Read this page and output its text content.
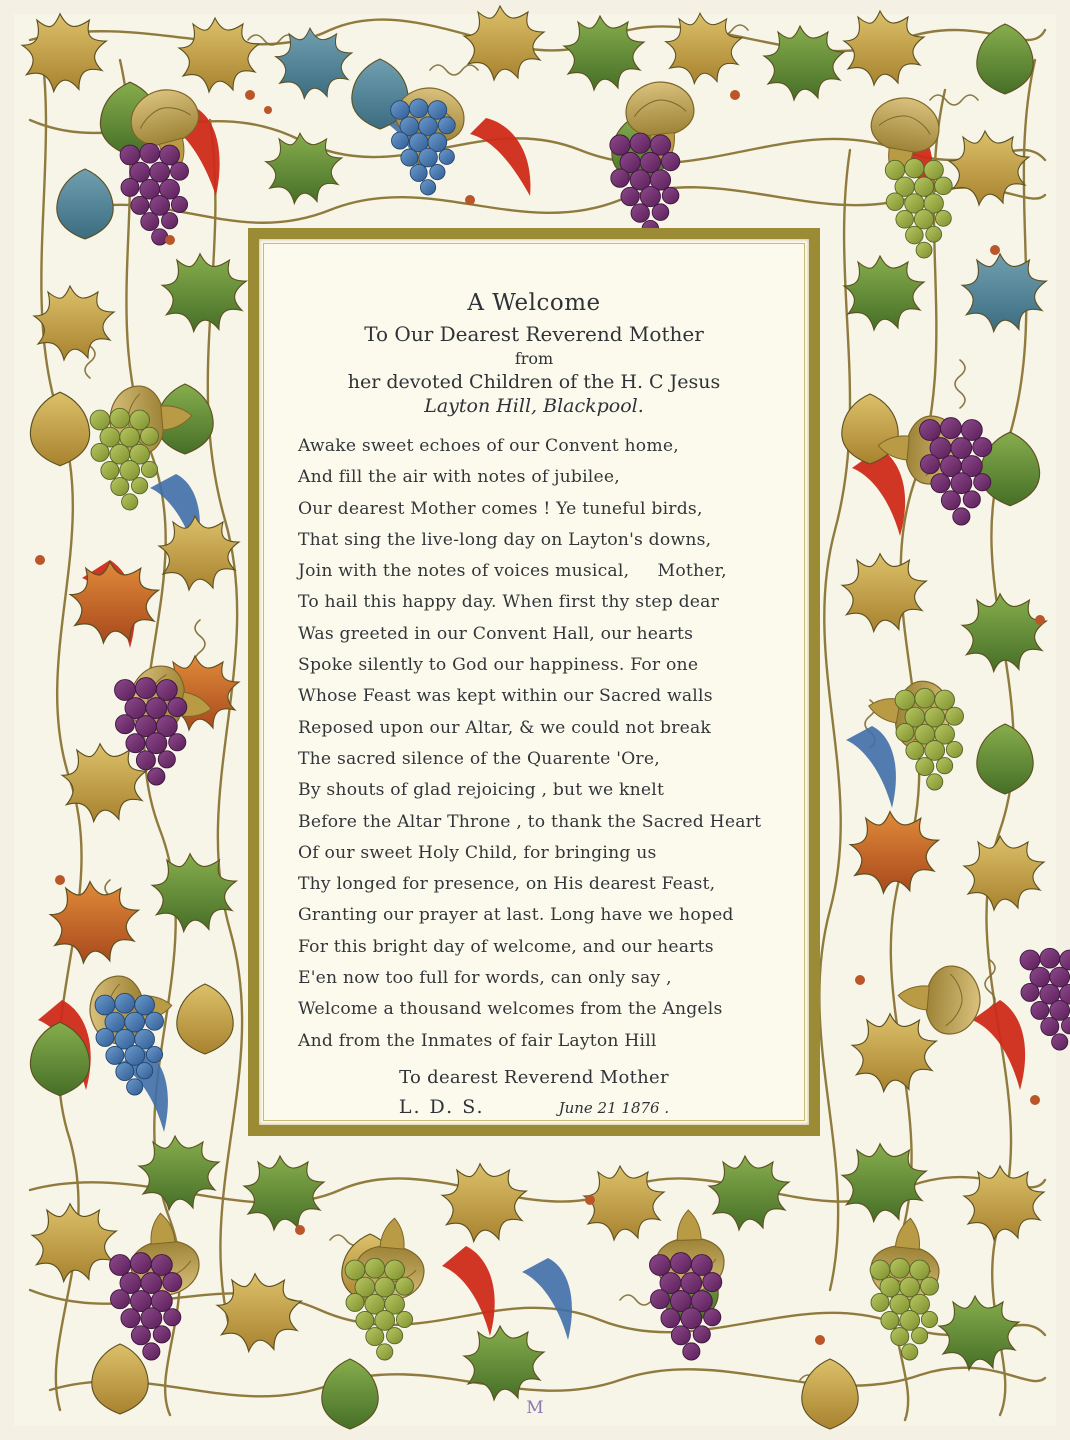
A Welcome
To Our Dearest Reverend Mother
from
her devoted Children of the H. C Jesus
Layton Hill, Blackpool.
Awake sweet echoes of our Convent home,
And fill the air with notes of jubilee,
Our dearest Mother comes ! Ye tuneful birds,
That sing the live-long day on Layton's downs,
Join with the notes of voices musical,     Mother,
To hail this happy day. When first thy step dear
Was greeted in our Convent Hall, our hearts
Spoke silently to God our happiness. For one
Whose Feast was kept within our Sacred walls
Reposed upon our Altar, & we could not break
The sacred silence of the Quarente 'Ore,
By shouts of glad rejoicing , but we knelt
Before the Altar Throne , to thank the Sacred Heart
Of our sweet Holy Child, for bringing us
Thy longed for presence, on His dearest Feast,
Granting our prayer at last. Long have we hoped
For this bright day of welcome, and our hearts
E'en now too full for words, can only say ,
Welcome a thousand welcomes from the Angels
And from the Inmates of fair Layton Hill
To dearest Reverend Mother
L. D. S.	June 21 1876 .
M
